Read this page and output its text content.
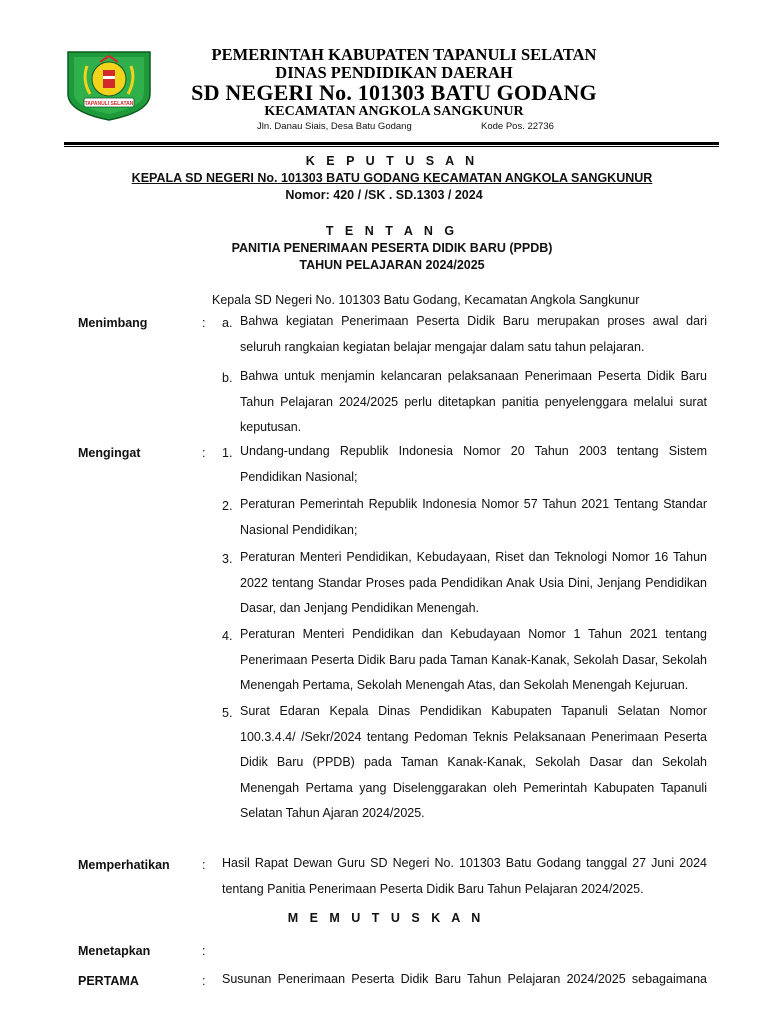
TAPANULI SELATAN
PEMERINTAH KABUPATEN TAPANULI SELATAN
DINAS PENDIDIKAN DAERAH
SD NEGERI No. 101303 BATU GODANG
KECAMATAN ANGKOLA SANGKUNUR
Jln. Danau Siais, Desa Batu Godang	Kode Pos. 22736
K E P U T U S A N
KEPALA SD NEGERI No. 101303 BATU GODANG KECAMATAN ANGKOLA SANGKUNUR
Nomor: 420 / /SK . SD.1303 / 2024
T E N T A N G
PANITIA PENERIMAAN PESERTA DIDIK BARU (PPDB)
TAHUN PELAJARAN 2024/2025
Kepala SD Negeri No. 101303 Batu Godang, Kecamatan Angkola Sangkunur
Menimbang	: a. Bahwa kegiatan Penerimaan Peserta Didik Baru merupakan proses awal dari seluruh rangkaian kegiatan belajar mengajar dalam satu tahun pelajaran.
b. Bahwa untuk menjamin kelancaran pelaksanaan Penerimaan Peserta Didik Baru Tahun Pelajaran 2024/2025 perlu ditetapkan panitia penyelenggara melalui surat keputusan.
Mengingat	: 1. Undang-undang Republik Indonesia Nomor 20 Tahun 2003 tentang Sistem Pendidikan Nasional;
2. Peraturan Pemerintah Republik Indonesia Nomor 57 Tahun 2021 Tentang Standar Nasional Pendidikan;
3. Peraturan Menteri Pendidikan, Kebudayaan, Riset dan Teknologi Nomor 16 Tahun 2022 tentang Standar Proses pada Pendidikan Anak Usia Dini, Jenjang Pendidikan Dasar, dan Jenjang Pendidikan Menengah.
4. Peraturan Menteri Pendidikan dan Kebudayaan Nomor 1 Tahun 2021 tentang Penerimaan Peserta Didik Baru pada Taman Kanak-Kanak, Sekolah Dasar, Sekolah Menengah Pertama, Sekolah Menengah Atas, dan Sekolah Menengah Kejuruan.
5. Surat Edaran Kepala Dinas Pendidikan Kabupaten Tapanuli Selatan Nomor 100.3.4.4/ /Sekr/2024 tentang Pedoman Teknis Pelaksanaan Penerimaan Peserta Didik Baru (PPDB) pada Taman Kanak-Kanak, Sekolah Dasar dan Sekolah Menengah Pertama yang Diselenggarakan oleh Pemerintah Kabupaten Tapanuli Selatan Tahun Ajaran 2024/2025.
Memperhatikan	: Hasil Rapat Dewan Guru SD Negeri No. 101303 Batu Godang tanggal 27 Juni 2024 tentang Panitia Penerimaan Peserta Didik Baru Tahun Pelajaran 2024/2025.
M E M U T U S K A N
Menetapkan	:
PERTAMA	: Susunan Penerimaan Peserta Didik Baru Tahun Pelajaran 2024/2025 sebagaimana
